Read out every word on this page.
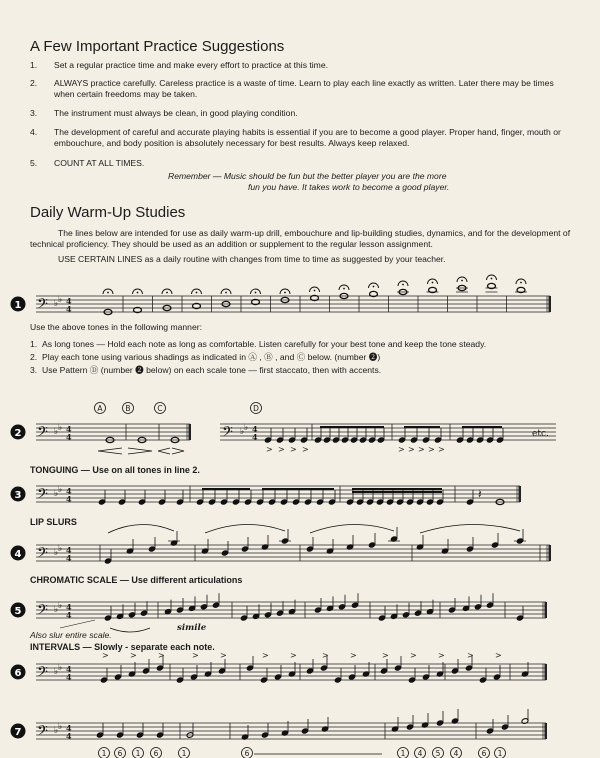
A Few Important Practice Suggestions
1.	Set a regular practice time and make every effort to practice at this time.
2.	ALWAYS practice carefully. Careless practice is a waste of time. Learn to play each line exactly as written. Later there may be times when certain freedoms may be taken.
3.	The instrument must always be clean, in good playing condition.
4.	The development of careful and accurate playing habits is essential if you are to become a good player. Proper hand, finger, mouth or embouchure, and body position is absolutely necessary for best results. Always keep relaxed.
5.	COUNT AT ALL TIMES.
Remember — Music should be fun but the better player you are the more
fun you have. It takes work to become a good player.
Daily Warm-Up Studies
The lines below are intended for use as daily warm-up drill, embouchure and lip-building studies, dynamics, and for the development of technical proficiency. They should be used as an addition or supplement to the regular lesson assignment.
USE CERTAIN LINES as a daily routine with changes from time to time as suggested by your teacher.
1 𝄢 ♭ ♭ 4
4
2 𝄢 ♭ ♭ 4
4
A	B	C
𝄢 ♭ ♭ 4
4
D
> > > >	> > > > >
etc.
3 𝄢 ♭ ♭ 4
4	𝄽
4 𝄢 ♭ ♭ 4
4
5 𝄢 ♭ ♭ 4
4
6 𝄢 ♭ ♭ 4
4
>	>	>	>	>	>	>	>	>	>	>	>	>	>
7 𝄢 ♭ ♭ 4
4
1 6 1 6	1	6	1 4 5 4	6 1
Use the above tones in the following manner:
1. As long tones — Hold each note as long as comfortable. Listen carefully for your best tone and keep the tone steady.
2. Play each tone using various shadings as indicated in Ⓐ , Ⓑ , and Ⓒ below. (number ❷)
3. Use Pattern Ⓓ (number ❷ below) on each scale tone — first staccato, then with accents.
TONGUING — Use on all tones in line 2.
LIP SLURS
CHROMATIC SCALE — Use different articulations
Also slur entire scale.
simile
INTERVALS — Slowly - separate each note.
